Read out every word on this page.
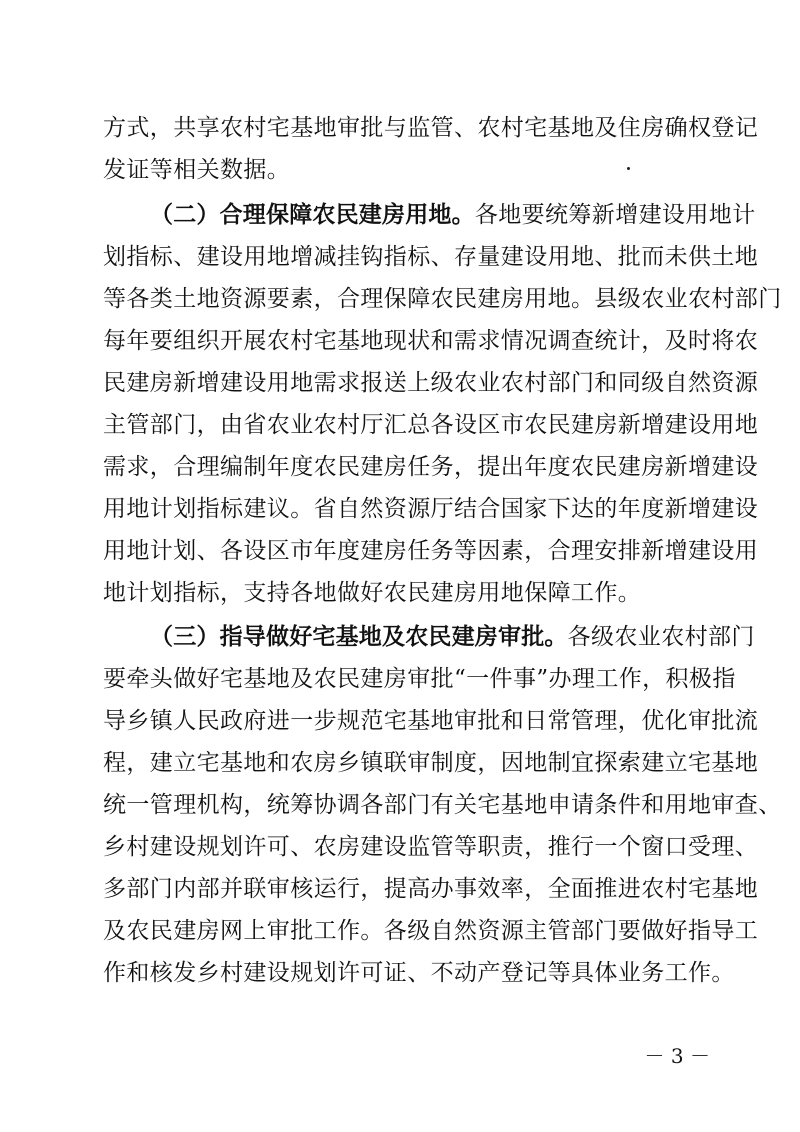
方式，共享农村宅基地审批与监管、农村宅基地及住房确权登记
发证等相关数据。
（二）合理保障农民建房用地。各地要统筹新增建设用地计
划指标、建设用地增减挂钩指标、存量建设用地、批而未供土地
等各类土地资源要素，合理保障农民建房用地。县级农业农村部门
每年要组织开展农村宅基地现状和需求情况调查统计，及时将农
民建房新增建设用地需求报送上级农业农村部门和同级自然资源
主管部门，由省农业农村厅汇总各设区市农民建房新增建设用地
需求，合理编制年度农民建房任务，提出年度农民建房新增建设
用地计划指标建议。省自然资源厅结合国家下达的年度新增建设
用地计划、各设区市年度建房任务等因素，合理安排新增建设用
地计划指标，支持各地做好农民建房用地保障工作。
（三）指导做好宅基地及农民建房审批。各级农业农村部门
要牵头做好宅基地及农民建房审批“一件事”办理工作，积极指
导乡镇人民政府进一步规范宅基地审批和日常管理，优化审批流
程，建立宅基地和农房乡镇联审制度，因地制宜探索建立宅基地
统一管理机构，统筹协调各部门有关宅基地申请条件和用地审查、
乡村建设规划许可、农房建设监管等职责，推行一个窗口受理、
多部门内部并联审核运行，提高办事效率，全面推进农村宅基地
及农民建房网上审批工作。各级自然资源主管部门要做好指导工
作和核发乡村建设规划许可证、不动产登记等具体业务工作。
－ 3 －
